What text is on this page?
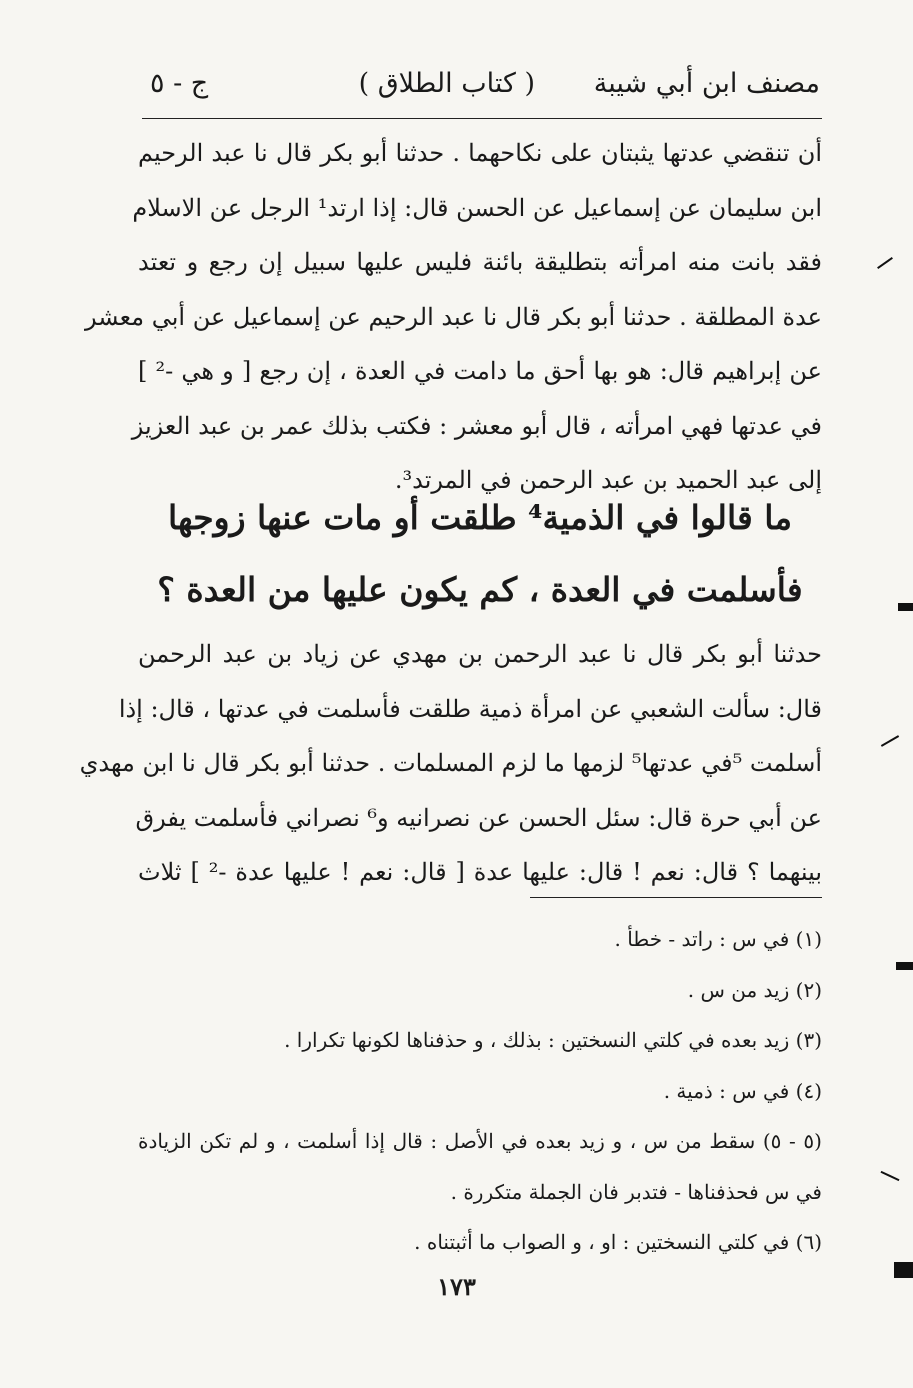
مصنف ابن أبي شيبة
( كتاب الطلاق )
ج - ٥
أن تنقضي عدتها يثبتان على نكاحهما . حدثنا أبو بكر قال نا عبد الرحيم
ابن سليمان عن إسماعيل عن الحسن قال: إذا ارتد¹ الرجل عن الاسلام
فقد بانت منه امرأته بتطليقة بائنة فليس عليها سبيل إن رجع و تعتد
عدة المطلقة . حدثنا أبو بكر قال نا عبد الرحيم عن إسماعيل عن أبي معشر
عن إبراهيم قال: هو بها أحق ما دامت في العدة ، إن رجع [ و هي -² ]
في عدتها فهي امرأته ، قال أبو معشر : فكتب بذلك عمر بن عبد العزيز
إلى عبد الحميد بن عبد الرحمن في المرتد³.
ما قالوا في الذمية⁴ طلقت أو مات عنها زوجها
فأسلمت في العدة ، كم يكون عليها من العدة ؟
حدثنا أبو بكر قال نا عبد الرحمن بن مهدي عن زياد بن عبد الرحمن
قال: سألت الشعبي عن امرأة ذمية طلقت فأسلمت في عدتها ، قال: إذا
أسلمت ⁵في عدتها⁵ لزمها ما لزم المسلمات . حدثنا أبو بكر قال نا ابن مهدي
عن أبي حرة قال: سئل الحسن عن نصرانيه و⁶ نصراني فأسلمت يفرق
بينهما ؟ قال: نعم ! قال: عليها عدة [ قال: نعم ! عليها عدة -² ] ثلاث
(١) في س : راتد - خطأ .
(٢) زيد من س .
(٣) زيد بعده في كلتي النسختين : بذلك ، و حذفناها لكونها تكرارا .
(٤) في س : ذمية .
(٥ - ٥) سقط من س ، و زيد بعده في الأصل : قال إذا أسلمت ، و لم تكن الزيادة
في س فحذفناها - فتدبر فان الجملة متكررة .
(٦) في كلتي النسختين : او ، و الصواب ما أثبتناه .
١٧٣
